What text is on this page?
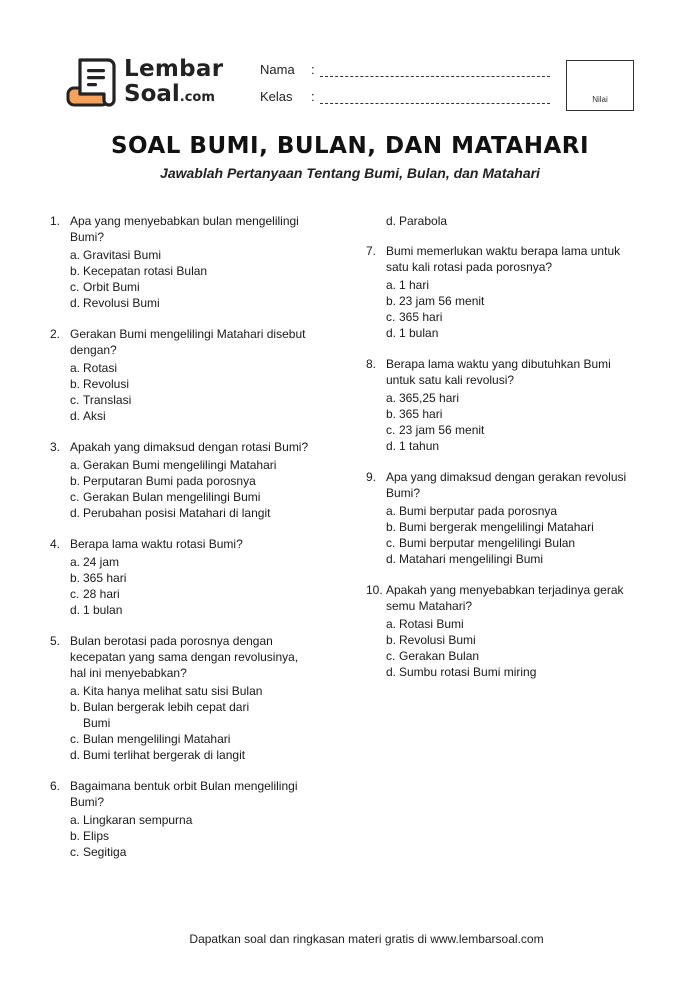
Lembar
Soal.com
Nama :
Kelas :	Nilai
SOAL BUMI, BULAN, DAN MATAHARI
Jawablah Pertanyaan Tentang Bumi, Bulan, dan Matahari
1. Apa yang menyebabkan bulan mengelilingi Bumi?
a. Gravitasi Bumi
b. Kecepatan rotasi Bulan
c. Orbit Bumi
d. Revolusi Bumi
2. Gerakan Bumi mengelilingi Matahari disebut dengan?
a. Rotasi
b. Revolusi
c. Translasi
d. Aksi
3. Apakah yang dimaksud dengan rotasi Bumi?
a. Gerakan Bumi mengelilingi Matahari
b. Perputaran Bumi pada porosnya
c. Gerakan Bulan mengelilingi Bumi
d. Perubahan posisi Matahari di langit
4. Berapa lama waktu rotasi Bumi?
a. 24 jam
b. 365 hari
c. 28 hari
d. 1 bulan
5. Bulan berotasi pada porosnya dengan kecepatan yang sama dengan revolusinya, hal ini menyebabkan?
a. Kita hanya melihat satu sisi Bulan
b. Bulan bergerak lebih cepat dari Bumi
c. Bulan mengelilingi Matahari
d. Bumi terlihat bergerak di langit
6. Bagaimana bentuk orbit Bulan mengelilingi Bumi?
a. Lingkaran sempurna
b. Elips
c. Segitiga
d. Parabola
7. Bumi memerlukan waktu berapa lama untuk satu kali rotasi pada porosnya?
a. 1 hari
b. 23 jam 56 menit
c. 365 hari
d. 1 bulan
8. Berapa lama waktu yang dibutuhkan Bumi untuk satu kali revolusi?
a. 365,25 hari
b. 365 hari
c. 23 jam 56 menit
d. 1 tahun
9. Apa yang dimaksud dengan gerakan revolusi Bumi?
a. Bumi berputar pada porosnya
b. Bumi bergerak mengelilingi Matahari
c. Bumi berputar mengelilingi Bulan
d. Matahari mengelilingi Bumi
10. Apakah yang menyebabkan terjadinya gerak semu Matahari?
a. Rotasi Bumi
b. Revolusi Bumi
c. Gerakan Bulan
d. Sumbu rotasi Bumi miring
Dapatkan soal dan ringkasan materi gratis di www.lembarsoal.com
